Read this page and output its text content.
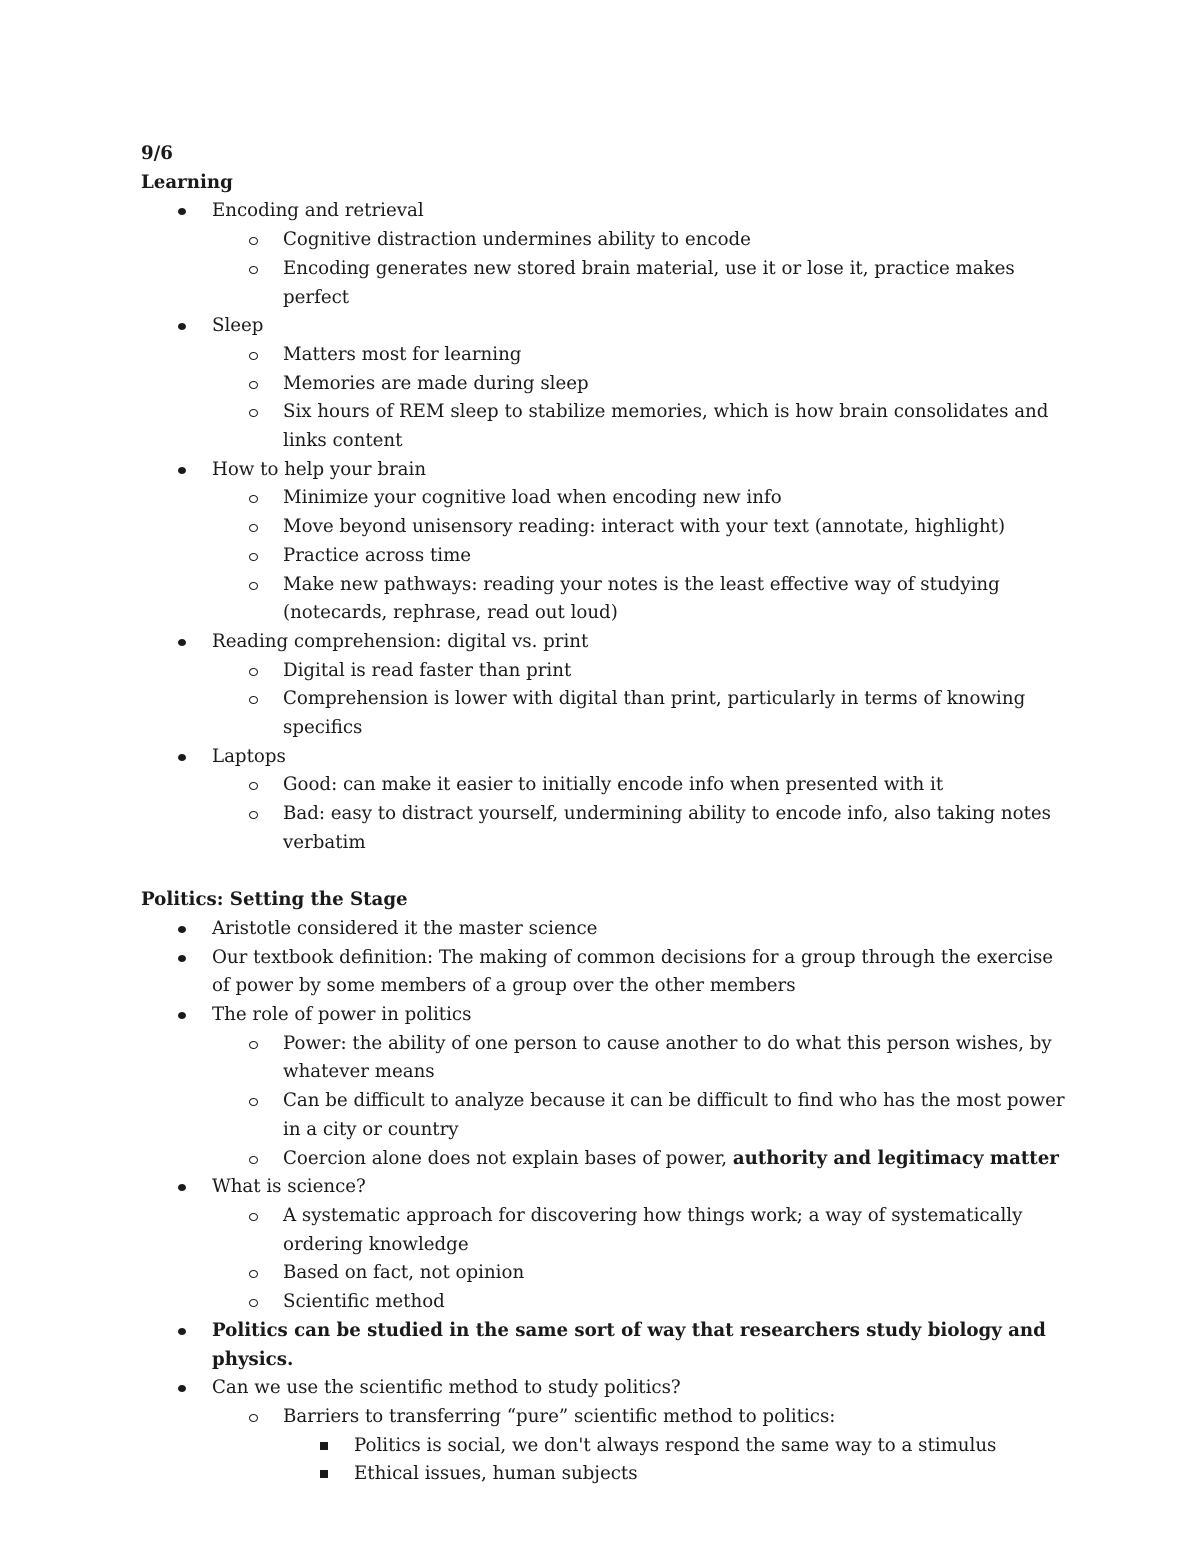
9/6
Learning
Encoding and retrieval
Cognitive distraction undermines ability to encode
Encoding generates new stored brain material, use it or lose it, practice makes perfect
Sleep
Matters most for learning
Memories are made during sleep
Six hours of REM sleep to stabilize memories, which is how brain consolidates and links content
How to help your brain
Minimize your cognitive load when encoding new info
Move beyond unisensory reading: interact with your text (annotate, highlight)
Practice across time
Make new pathways: reading your notes is the least effective way of studying (notecards, rephrase, read out loud)
Reading comprehension: digital vs. print
Digital is read faster than print
Comprehension is lower with digital than print, particularly in terms of knowing specifics
Laptops
Good: can make it easier to initially encode info when presented with it
Bad: easy to distract yourself, undermining ability to encode info, also taking notes verbatim
Politics: Setting the Stage
Aristotle considered it the master science
Our textbook definition: The making of common decisions for a group through the exercise of power by some members of a group over the other members
The role of power in politics
Power: the ability of one person to cause another to do what this person wishes, by whatever means
Can be difficult to analyze because it can be difficult to find who has the most power in a city or country
Coercion alone does not explain bases of power, authority and legitimacy matter
What is science?
A systematic approach for discovering how things work; a way of systematically ordering knowledge
Based on fact, not opinion
Scientific method
Politics can be studied in the same sort of way that researchers study biology and physics.
Can we use the scientific method to study politics?
Barriers to transferring “pure” scientific method to politics:
Politics is social, we don't always respond the same way to a stimulus
Ethical issues, human subjects
